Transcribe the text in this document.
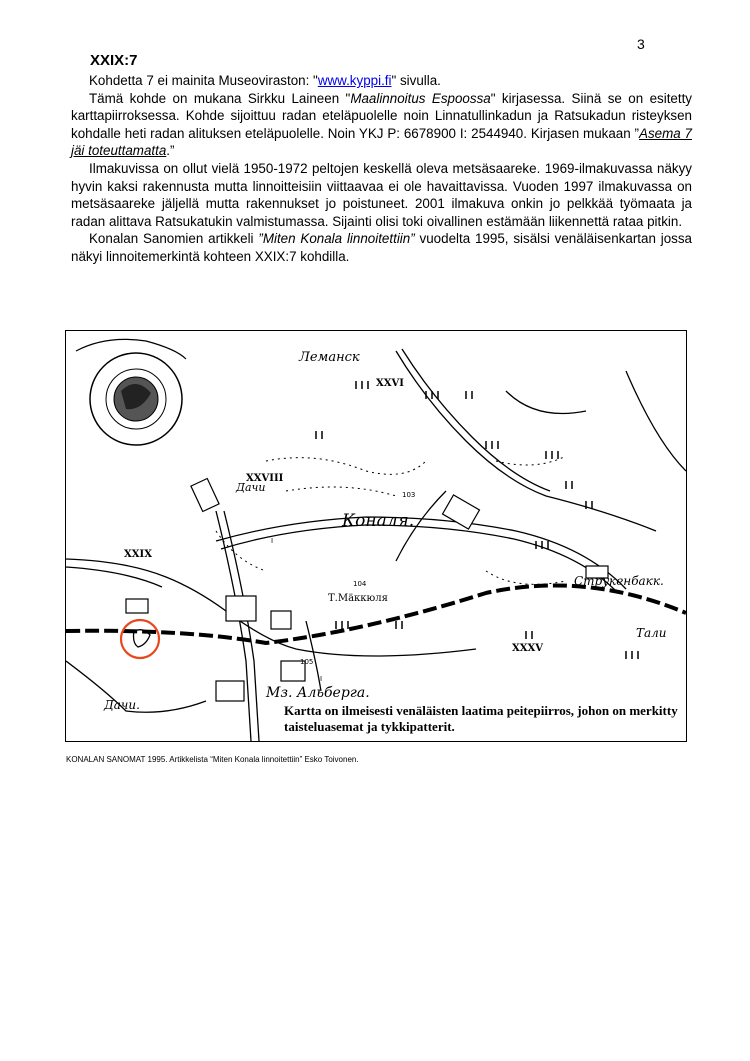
3
XXIX:7

Kohdetta 7 ei mainita Museoviraston: "www.kyppi.fi" sivulla.

Tämä kohde on mukana Sirkku Laineen "Maalinnoitus Espoossa" kirjasessa. Siinä se on esitetty karttapiirroksessa. Kohde sijoittuu radan eteläpuolelle noin Linnatullinkadun ja Ratsukadun risteyksen kohdalle heti radan alituksen eteläpuolelle. Noin YKJ P: 6678900 I: 2544940. Kirjasen mukaan ”Asema 7 jäi toteuttamatta.”

Ilmakuvissa on ollut vielä 1950-1972 peltojen keskellä oleva metsäsaareke. 1969-ilmakuvassa näkyy hyvin kaksi rakennusta mutta linnoitteisiin viittaavaa ei ole havaittavissa. Vuoden 1997 ilmakuvassa on metsäsaareke jäljellä mutta rakennukset jo poistuneet. 2001 ilmakuva onkin jo pelkkää työmaata ja radan alittava Ratsukatukin valmistumassa. Sijainti olisi toki oivallinen estämään liikennettä rataa pitkin.

Konalan Sanomien artikkeli ”Miten Konala linnoitettiin” vuodelta 1995, sisälsi venäläisenkartan jossa näkyi linnoitemerkintä kohteen XXIX:7 kohdilla.

XXVI
XXVIII
XXIX
XXXV
I
104
103
105
I
Леманск
Коналя.
Т.Мäккюля
Стрyкенбакк.
Тали
Мз. Альберга.
Дачи
Дачи.	Kartta on ilmeisesti venäläisten laatima peitepiirros, johon on merkitty taisteluasemat ja tykkipatterit.
KONALAN SANOMAT 1995. Artikkelista “Miten Konala linnoitettiin” Esko Toivonen.
